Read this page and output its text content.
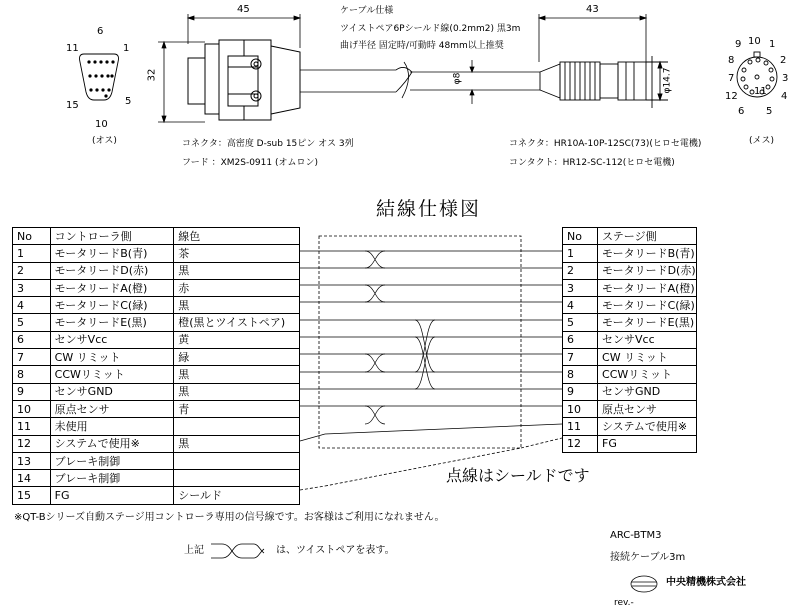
45	43
32	φ8	φ14.7
ケーブル仕様
ツイストペア6Pシールド線(0.2mm2) 黒3m
曲げ半径 固定時/可動時 48mm以上推奨
コネクタ：高密度 D-sub 15ピン オス 3列
フード ：XM2S-0911 (オムロン)
コネクタ：HR10A-10P-12SC(73)(ヒロセ電機)
コンタクト：HR12-SC-112(ヒロセ電機)
6
1
11
15	5
10
(オス)
9 10 1
8	2
7	3
12 11 4
6 5
(メス)
結線仕様図
No	コントローラ側	線色
1	モータリードB(青)	茶
2	モータリードD(赤)	黒
3	モータリードA(橙)	赤
4	モータリードC(緑)	黒
5	モータリードE(黒)	橙(黒とツイストペア)
6	センサVcc	黄
7	CW リミット	緑
8	CCWリミット	黒
9	センサGND	黒
10	原点センサ	青
11	未使用	
12	システムで使用※	黒
13	ブレーキ制御	
14	ブレーキ制御	
15	FG	シールド
No	ステージ側
1	モータリードB(青)
2	モータリードD(赤)
3	モータリードA(橙)
4	モータリードC(緑)
5	モータリードE(黒)
6	センサVcc
7	CW リミット
8	CCWリミット
9	センサGND
10	原点センサ
11	システムで使用※
12	FG
点線はシールドです
※QT-Bシリーズ自動ステージ用コントローラ専用の信号線です。お客様はご利用になれません。
上記	は、ツイストペアを表す。
ARC-BTM3
接続ケーブル3m
中央精機株式会社
rev.-
